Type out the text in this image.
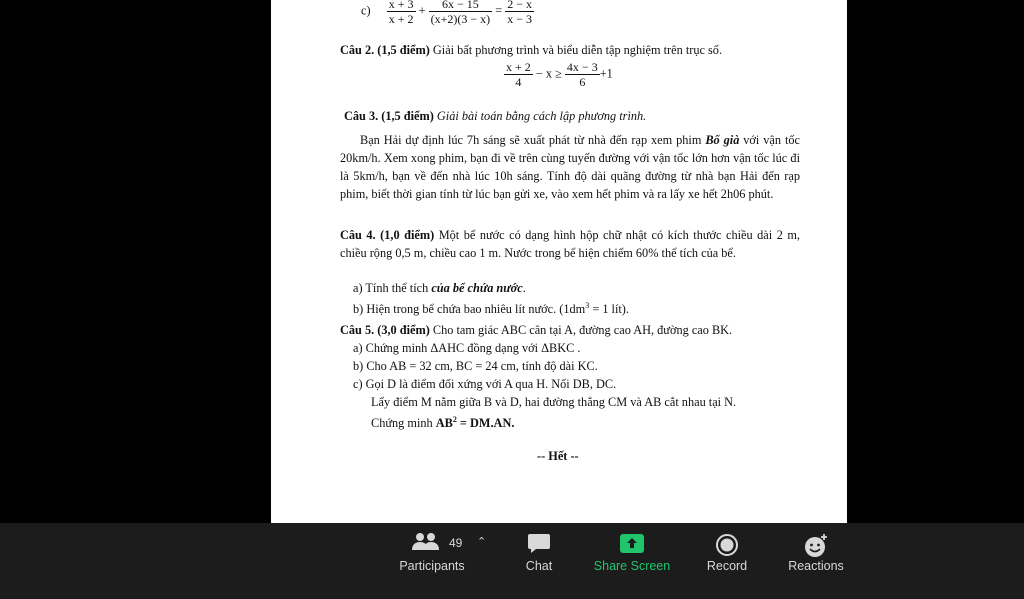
$c) \frac{x + 3}{x + 2} + \frac{6x - 15}{(x+2)(3 - x)} = \frac{2 - x}{x - 3}$
Câu 2. (1,5 điểm) Giải bất phương trình và biểu diễn tập nghiệm trên trục số.
$\frac{x + 2}{4} - x \ge \frac{4x - 3}{6} +1$
Câu 3. (1,5 điểm) Giải bài toán bằng cách lập phương trình.
Bạn Hải dự định lúc 7h sáng sẽ xuất phát từ nhà đến rạp xem phim Bố già với vận tốc 20km/h. Xem xong phim, bạn đi về trên cùng tuyến đường với vận tốc lớn hơn vận tốc lúc đi là 5km/h, bạn về đến nhà lúc 10h sáng. Tính độ dài quãng đường từ nhà bạn Hải đến rạp phim, biết thời gian tính từ lúc bạn gửi xe, vào xem hết phim và ra lấy xe hết 2h06 phút.
Câu 4. (1,0 điểm) Một bể nước có dạng hình hộp chữ nhật có kích thước chiều dài 2 m, chiều rộng 0,5 m, chiều cao 1 m. Nước trong bể hiện chiếm 60% thể tích của bể.
a) Tính thể tích của bể chứa nước.
b) Hiện trong bể chứa bao nhiêu lít nước. ($1dm^3 = 1$ lít).
Câu 5. (3,0 điểm) Cho tam giác ABC cân tại A, đường cao AH, đường cao BK.
a) Chứng minh ΔAHC đồng dạng với ΔBKC .
b) Cho AB = 32 cm, BC = 24 cm, tính độ dài KC.
c) Gọi D là điểm đối xứng với A qua H. Nối DB, DC.
Lấy điểm M nằm giữa B và D, hai đường thẳng CM và AB cắt nhau tại N.
Chứng minh $AB^2 = DM.AN$.
-- Hết --
49 ⌃
Participants	Chat	Share Screen	Record	Reactions
